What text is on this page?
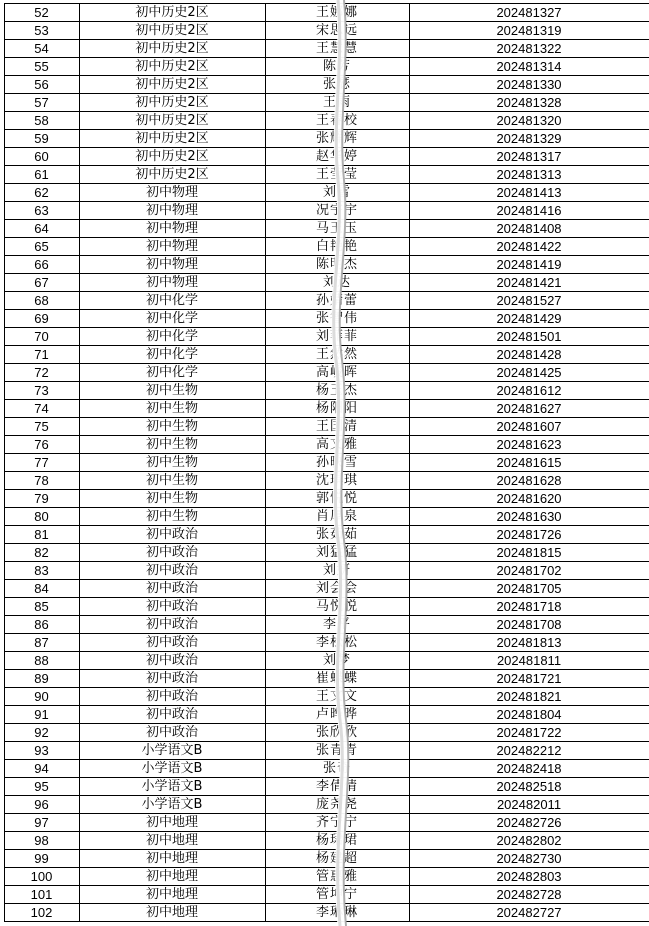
	52	初中历史2区	王娜娜	202481327
	53	初中历史2区	宋思远	202481319
	54	初中历史2区	王慧慧	202481322
	55	初中历史2区	陈芳	202481314
	56	初中历史2区	张瑟	202481330
	57	初中历史2区	王雨	202481328
	58	初中历史2区	王春校	202481320
	59	初中历史2区	张辉辉	202481329
	60	初中历史2区	赵华婷	202481317
	61	初中历史2区	王莹莹	202481313
	62	初中物理	刘雪	202481413
	63	初中物理	况宇宇	202481416
	64	初中物理	马玉玉	202481408
	65	初中物理	白艳艳	202481422
	66	初中物理	陈明杰	202481419
	67	初中物理	刘达	202481421
	68	初中化学	孙婧蕾	202481527
	69	初中化学	张智伟	202481429
	70	初中化学	刘菲菲	202481501
	71	初中化学	王然然	202481428
	72	初中化学	高峻晖	202481425
	73	初中生物	杨玉杰	202481612
	74	初中生物	杨阳阳	202481627
	75	初中生物	王国清	202481607
	76	初中生物	高文雅	202481623
	77	初中生物	孙映雪	202481615
	78	初中生物	沈琪琪	202481628
	79	初中生物	郭悦悦	202481620
	80	初中生物	肖厚泉	202481630
	81	初中政治	张茹茹	202481726
	82	初中政治	刘猛猛	202481815
	83	初中政治	刘妍	202481702
	84	初中政治	刘会会	202481705
	85	初中政治	马悦悦	202481718
	86	初中政治	李平	202481708
	87	初中政治	李松松	202481813
	88	初中政治	刘梦	202481811
	89	初中政治	崔蝶蝶	202481721
	90	初中政治	王文文	202481821
	91	初中政治	卢晔晔	202481804
	92	初中政治	张欣欣	202481722
	93	小学语文B	张青青	202482212
	94	小学语文B	张奇	202482418
	95	小学语文B	李倩倩	202482518
	96	小学语文B	庞尧尧	202482011
	97	初中地理	齐宁宁	202482726
	98	初中地理	杨珺珺	202482802
	99	初中地理	杨建超	202482730
	100	初中地理	管惠雅	202482803
	101	初中地理	管坤宁	202482728
	102	初中地理	李琳琳	202482727
